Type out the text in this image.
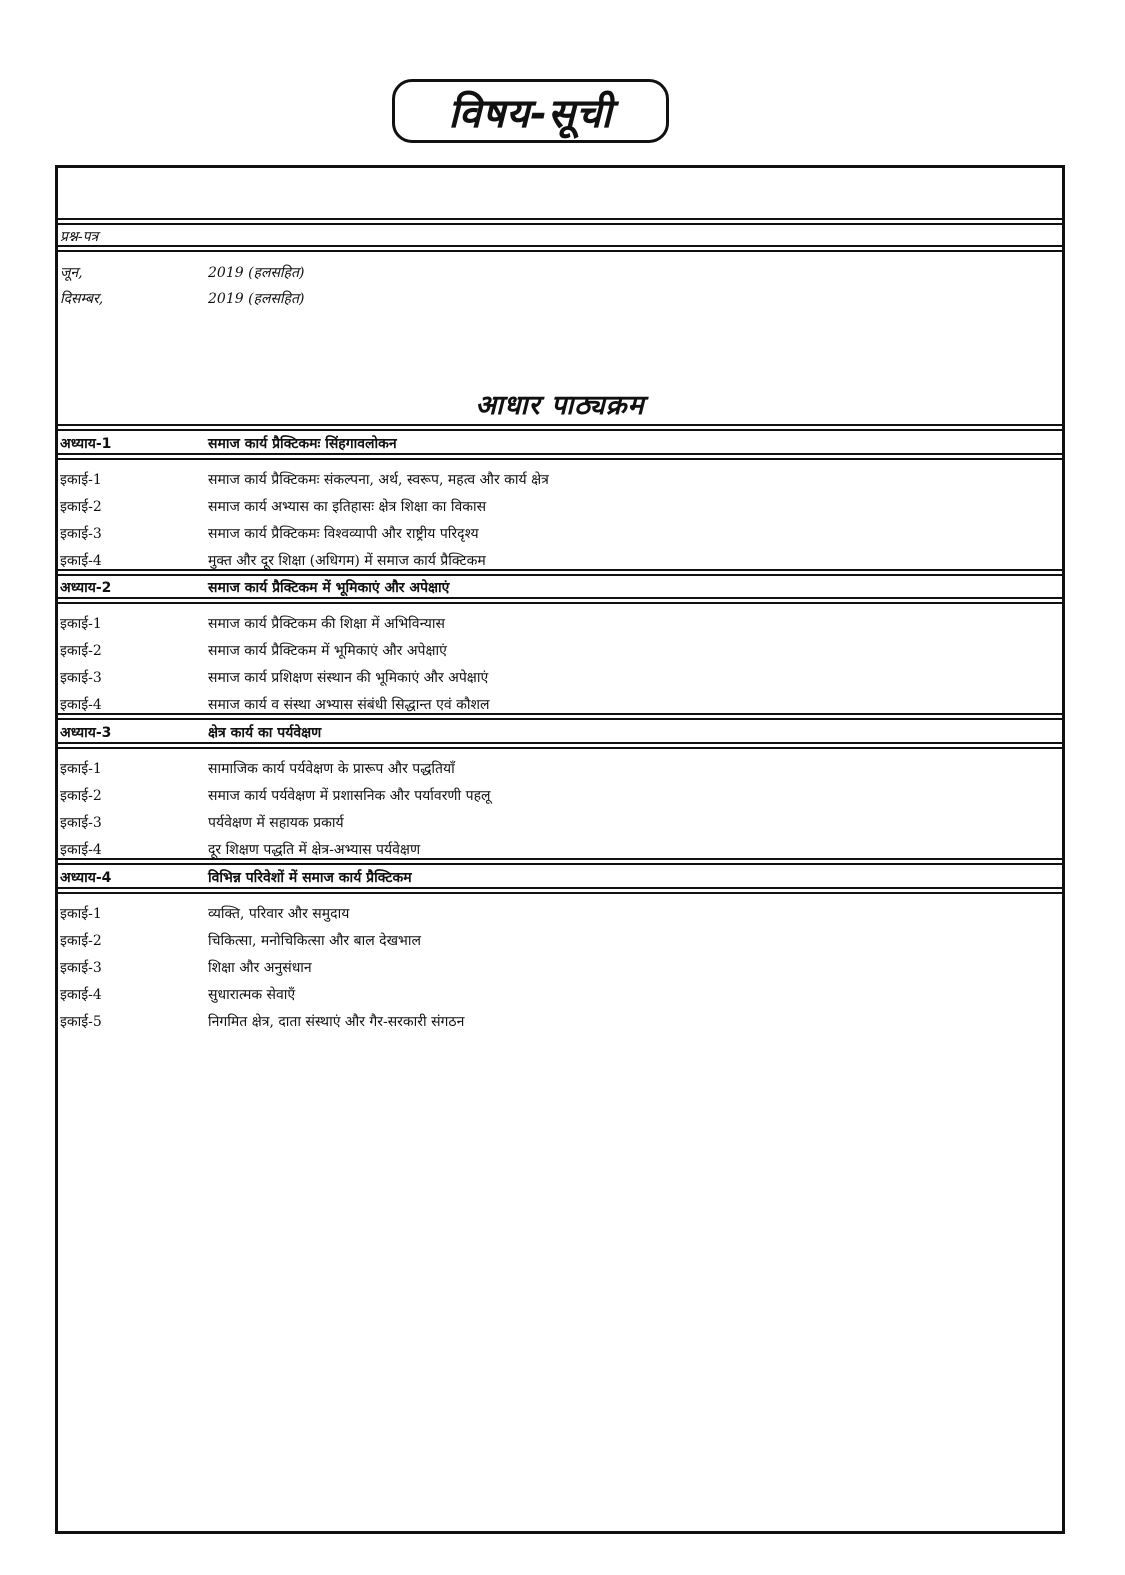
विषय-सूची
प्रश्न-पत्र
जून,	2019 (हलसहित)
दिसम्बर,	2019 (हलसहित)
आधार पाठ्यक्रम
अध्याय-1	समाज कार्य प्रैक्टिकमः सिंहगावलोकन
इकाई-1	समाज कार्य प्रैक्टिकमः संकल्पना, अर्थ, स्वरूप, महत्व और कार्य क्षेत्र
इकाई-2	समाज कार्य अभ्यास का इतिहासः क्षेत्र शिक्षा का विकास
इकाई-3	समाज कार्य प्रैक्टिकमः विश्वव्यापी और राष्ट्रीय परिदृश्य
इकाई-4	मुक्त और दूर शिक्षा (अधिगम) में समाज कार्य प्रैक्टिकम
अध्याय-2	समाज कार्य प्रैक्टिकम में भूमिकाएं और अपेक्षाएं
इकाई-1	समाज कार्य प्रैक्टिकम की शिक्षा में अभिविन्यास
इकाई-2	समाज कार्य प्रैक्टिकम में भूमिकाएं और अपेक्षाएं
इकाई-3	समाज कार्य प्रशिक्षण संस्थान की भूमिकाएं और अपेक्षाएं
इकाई-4	समाज कार्य व संस्था अभ्यास संबंधी सिद्धान्त एवं कौशल
अध्याय-3	क्षेत्र कार्य का पर्यवेक्षण
इकाई-1	सामाजिक कार्य पर्यवेक्षण के प्रारूप और पद्धतियाँ
इकाई-2	समाज कार्य पर्यवेक्षण में प्रशासनिक और पर्यावरणी पहलू
इकाई-3	पर्यवेक्षण में सहायक प्रकार्य
इकाई-4	दूर शिक्षण पद्धति में क्षेत्र-अभ्यास पर्यवेक्षण
अध्याय-4	विभिन्न परिवेशों में समाज कार्य प्रैक्टिकम
इकाई-1	व्यक्ति, परिवार और समुदाय
इकाई-2	चिकित्सा, मनोचिकित्सा और बाल देखभाल
इकाई-3	शिक्षा और अनुसंधान
इकाई-4	सुधारात्मक सेवाएँ
इकाई-5	निगमित क्षेत्र, दाता संस्थाएं और गैर-सरकारी संगठन
